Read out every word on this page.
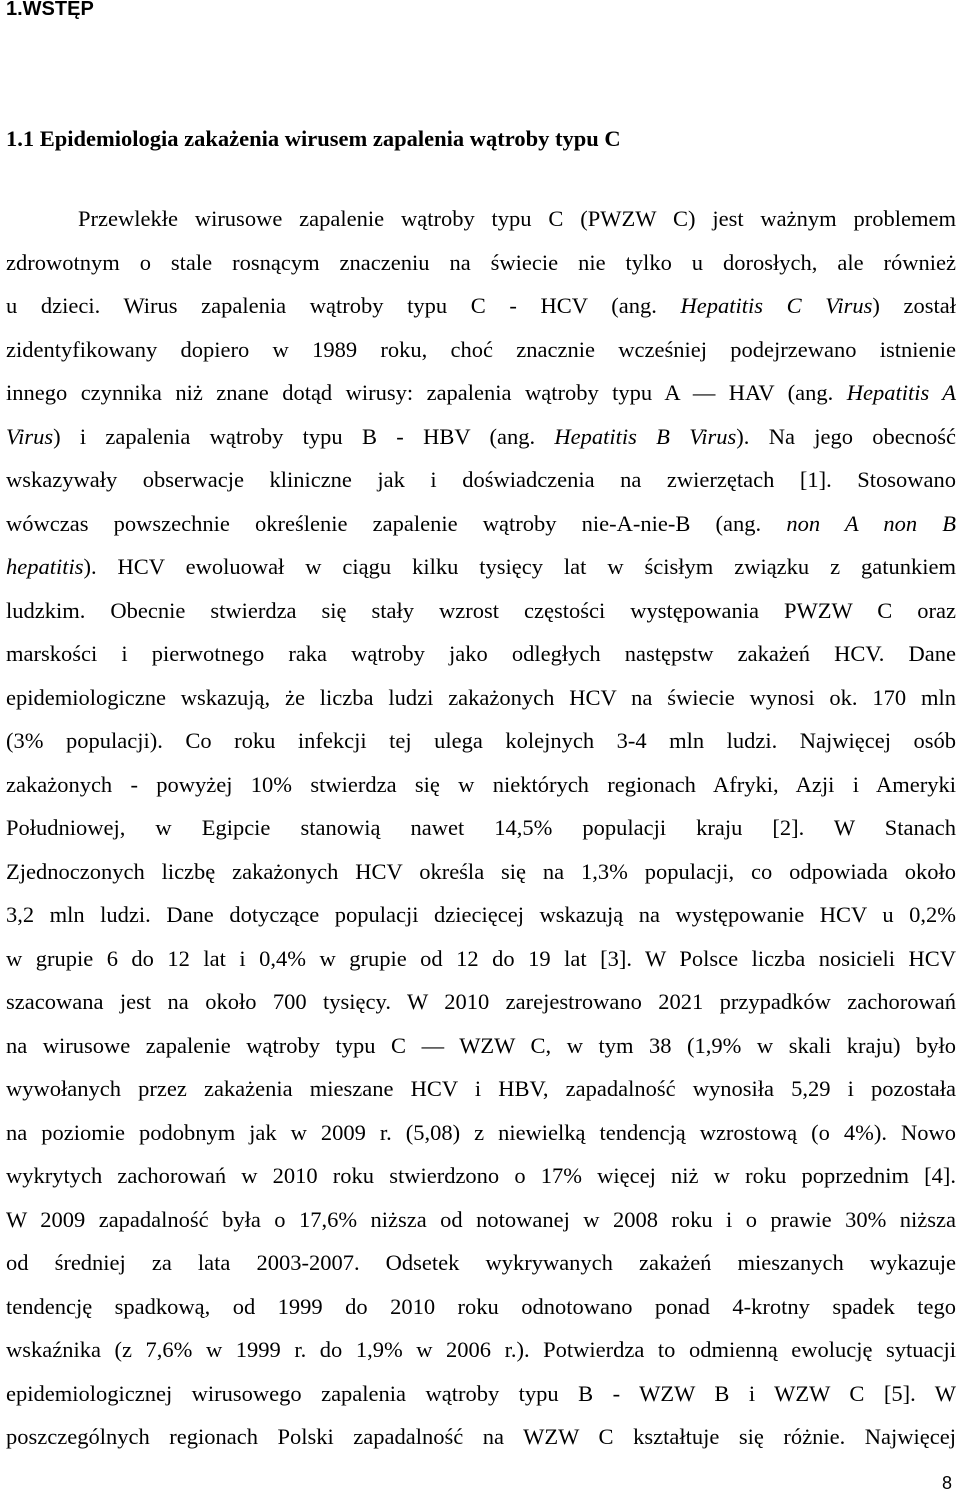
1.WSTĘP
1.1 Epidemiologia zakażenia wirusem zapalenia wątroby typu C
Przewlekłe wirusowe zapalenie wątroby typu C (PWZW C) jest ważnym problemem
zdrowotnym o stale rosnącym znaczeniu na świecie nie tylko u dorosłych, ale również
u dzieci. Wirus zapalenia wątroby typu C - HCV (ang. Hepatitis C Virus) został
zidentyfikowany dopiero w 1989 roku, choć znacznie wcześniej podejrzewano istnienie
innego czynnika niż znane dotąd wirusy: zapalenia wątroby typu A — HAV (ang. Hepatitis A
Virus) i zapalenia wątroby typu B - HBV (ang. Hepatitis B Virus). Na jego obecność
wskazywały obserwacje kliniczne jak i doświadczenia na zwierzętach [1]. Stosowano
wówczas powszechnie określenie zapalenie wątroby nie-A-nie-B (ang. non A non B
hepatitis). HCV ewoluował w ciągu kilku tysięcy lat w ścisłym związku z gatunkiem
ludzkim. Obecnie stwierdza się stały wzrost częstości występowania PWZW C oraz
marskości i pierwotnego raka wątroby jako odległych następstw zakażeń HCV. Dane
epidemiologiczne wskazują, że liczba ludzi zakażonych HCV na świecie wynosi ok. 170 mln
(3% populacji). Co roku infekcji tej ulega kolejnych 3-4 mln ludzi. Najwięcej osób
zakażonych - powyżej 10% stwierdza się w niektórych regionach Afryki, Azji i Ameryki
Południowej, w Egipcie stanowią nawet 14,5% populacji kraju [2]. W Stanach
Zjednoczonych liczbę zakażonych HCV określa się na 1,3% populacji, co odpowiada około
3,2 mln ludzi. Dane dotyczące populacji dziecięcej wskazują na występowanie HCV u 0,2%
w grupie 6 do 12 lat i 0,4% w grupie od 12 do 19 lat [3]. W Polsce liczba nosicieli HCV
szacowana jest na około 700 tysięcy. W 2010 zarejestrowano 2021 przypadków zachorowań
na wirusowe zapalenie wątroby typu C — WZW C, w tym 38 (1,9% w skali kraju) było
wywołanych przez zakażenia mieszane HCV i HBV, zapadalność wynosiła 5,29 i pozostała
na poziomie podobnym jak w 2009 r. (5,08) z niewielką tendencją wzrostową (o 4%). Nowo
wykrytych zachorowań w 2010 roku stwierdzono o 17% więcej niż w roku poprzednim [4].
W 2009 zapadalność była o 17,6% niższa od notowanej w 2008 roku i o prawie 30% niższa
od średniej za lata 2003-2007. Odsetek wykrywanych zakażeń mieszanych wykazuje
tendencję spadkową, od 1999 do 2010 roku odnotowano ponad 4-krotny spadek tego
wskaźnika (z 7,6% w 1999 r. do 1,9% w 2006 r.). Potwierdza to odmienną ewolucję sytuacji
epidemiologicznej wirusowego zapalenia wątroby typu B - WZW B i WZW C [5]. W
poszczególnych regionach Polski zapadalność na WZW C kształtuje się różnie. Najwięcej
8
